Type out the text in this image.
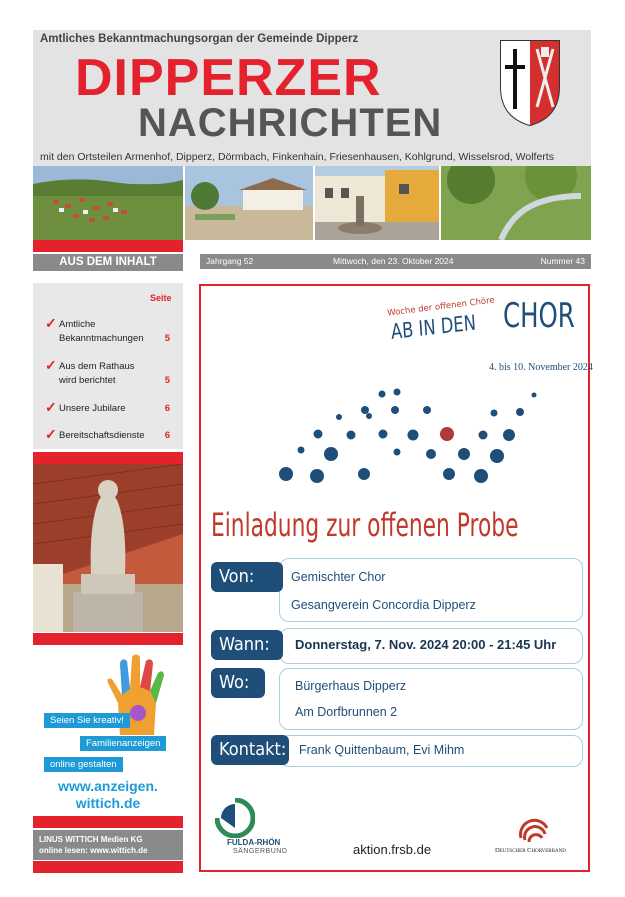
Amtliches Bekanntmachungsorgan der Gemeinde Dipperz
DIPPERZER
NACHRICHTEN
mit den Ortsteilen Armenhof, Dipperz, Dörmbach, Finkenhain, Friesenhausen, Kohlgrund, Wisselsrod, Wolferts
AUS DEM INHALT
Seite
✓ Amtliche
Bekanntmachungen	5
✓ Aus dem Rathaus
wird berichtet	5
✓ Unsere Jubilare	6
✓ Bereitschaftsdienste	6
Seien Sie kreativ!
Familienanzeigen
online gestalten
www.anzeigen.
wittich.de
LINUS WITTICH Medien KG
online lesen: www.wittich.de
Jahrgang 52	Mittwoch, den 23. Oktober 2024	Nummer 43
Woche der offenen Chöre
AB IN DEN CHOR
4. bis 10. November 2024
Einladung zur offenen Probe
Von:	Gemischter Chor
Gesangverein Concordia Dipperz
Wann:	Donnerstag, 7. Nov. 2024 20:00 - 21:45 Uhr
Wo:	Bürgerhaus Dipperz
Am Dorfbrunnen 2
Kontakt: Frank Quittenbaum, Evi Mihm
FULDA-RHÖN
SÄNGERBUND	aktion.frsb.de	Deutscher Chorverband
